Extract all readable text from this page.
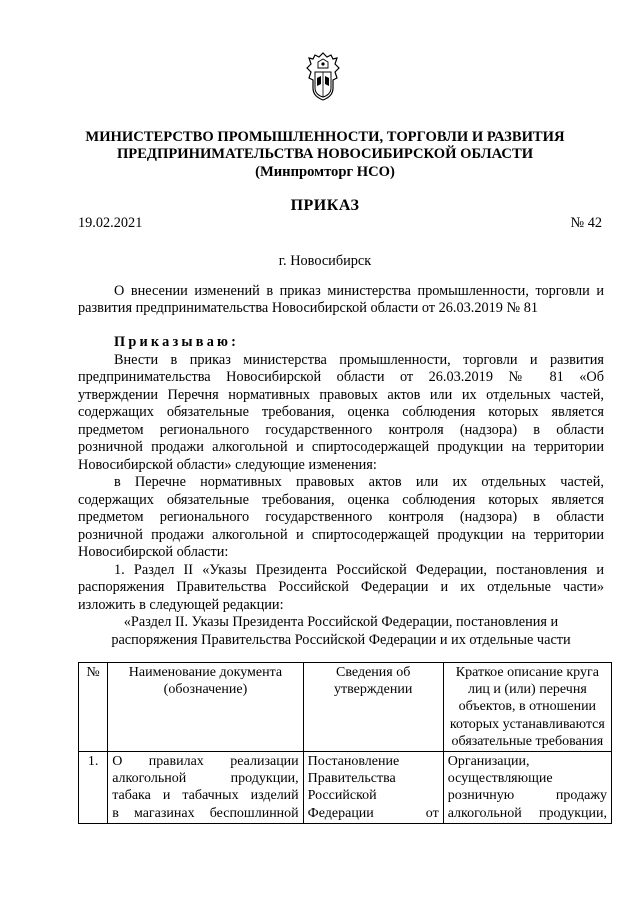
МИНИСТЕРСТВО ПРОМЫШЛЕННОСТИ, ТОРГОВЛИ И РАЗВИТИЯ
ПРЕДПРИНИМАТЕЛЬСТВА НОВОСИБИРСКОЙ ОБЛАСТИ
(Минпромторг НСО)
ПРИКАЗ
19.02.2021	№ 42
г. Новосибирск
О внесении изменений в приказ министерства промышленности, торговли и
развития предпринимательства Новосибирской области от 26.03.2019 № 81
Приказываю:
Внести в приказ министерства промышленности, торговли и развития
предпринимательства Новосибирской области от 26.03.2019 № 81 «Об
утверждении Перечня нормативных правовых актов или их отдельных частей,
содержащих обязательные требования, оценка соблюдения которых является
предметом регионального государственного контроля (надзора) в области
розничной продажи алкогольной и спиртосодержащей продукции на территории
Новосибирской области» следующие изменения:
в Перечне нормативных правовых актов или их отдельных частей,
содержащих обязательные требования, оценка соблюдения которых является
предметом регионального государственного контроля (надзора) в области
розничной продажи алкогольной и спиртосодержащей продукции на территории
Новосибирской области:
1. Раздел II «Указы Президента Российской Федерации, постановления и
распоряжения Правительства Российской Федерации и их отдельные части»
изложить в следующей редакции:
«Раздел II. Указы Президента Российской Федерации, постановления и
распоряжения Правительства Российской Федерации и их отдельные части
№	Наименование документа (обозначение)	Сведения об утверждении	Краткое описание круга лиц и (или) перечня объектов, в отношении которых устанавливаются обязательные требования
1.	О правилах реализации
алкогольной продукции,
табака и табачных изделий
в магазинах беспошлинной	Постановление
Правительства
Российской
Федерации от	Организации,
осуществляющие
розничную продажу
алкогольной продукции,
